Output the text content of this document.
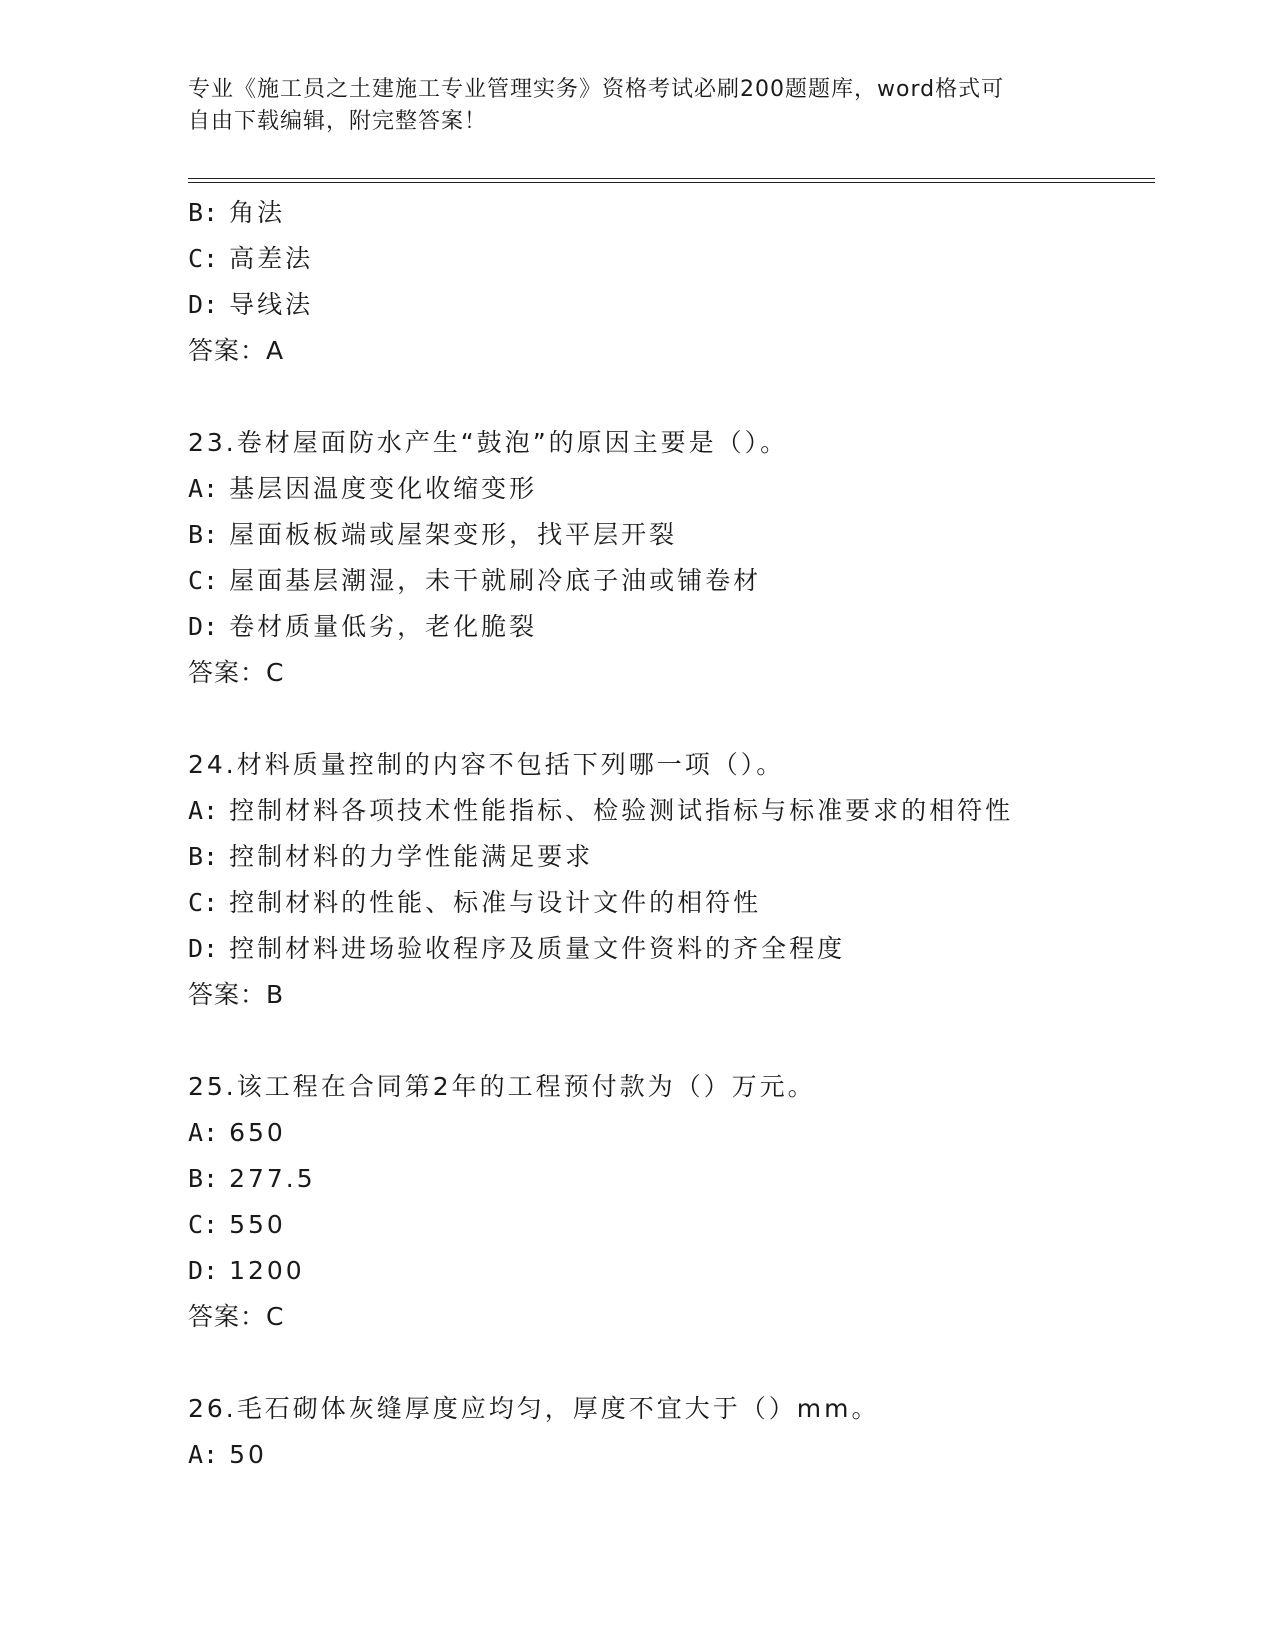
专业《施工员之土建施工专业管理实务》资格考试必刷200题题库，word格式可
自由下载编辑，附完整答案！
B: 角法
C: 高差法
D: 导线法
答案：A
23.卷材屋面防水产生“鼓泡”的原因主要是（）。
A: 基层因温度变化收缩变形
B: 屋面板板端或屋架变形，找平层开裂
C: 屋面基层潮湿，未干就刷冷底子油或铺卷材
D: 卷材质量低劣，老化脆裂
答案：C
24.材料质量控制的内容不包括下列哪一项（）。
A: 控制材料各项技术性能指标、检验测试指标与标准要求的相符性
B: 控制材料的力学性能满足要求
C: 控制材料的性能、标准与设计文件的相符性
D: 控制材料进场验收程序及质量文件资料的齐全程度
答案：B
25.该工程在合同第2年的工程预付款为（）万元。
A: 650
B: 277.5
C: 550
D: 1200
答案：C
26.毛石砌体灰缝厚度应均匀，厚度不宜大于（）mm。
A: 50
